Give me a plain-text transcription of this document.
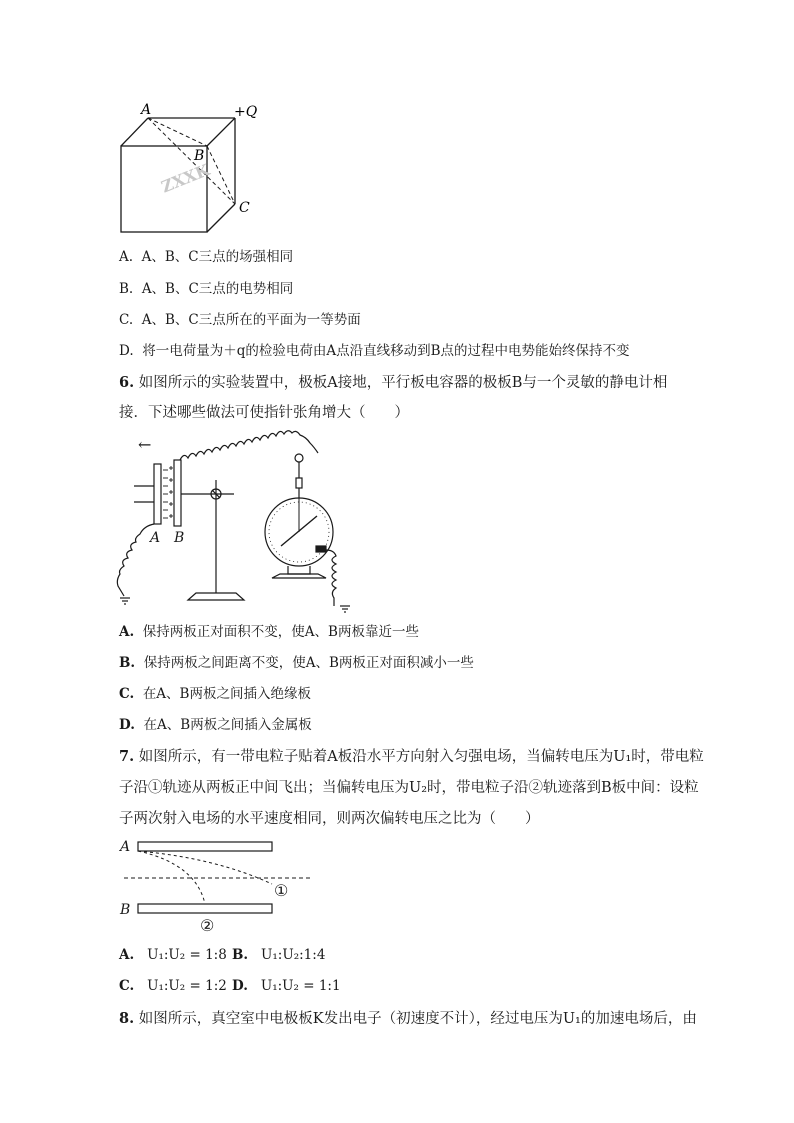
ZXXK
A	+Q
B
C
A. A、B、C三点的场强相同
B. A、B、C三点的电势相同
C. A、B、C三点所在的平面为一等势面
D. 将一电荷量为＋q的检验电荷由A点沿直线移动到B点的过程中电势能始终保持不变
6. 如图所示的实验装置中，极板A接地，平行板电容器的极板B与一个灵敏的静电计相
接．下述哪些做法可使指针张角增大（　　）
←
A B
A. 保持两板正对面积不变，使A、B两板靠近一些
B. 保持两板之间距离不变，使A、B两板正对面积减小一些
C. 在A、B两板之间插入绝缘板
D. 在A、B两板之间插入金属板
7. 如图所示，有一带电粒子贴着A板沿水平方向射入匀强电场，当偏转电压为U₁时，带电粒
子沿①轨迹从两板正中间飞出；当偏转电压为U₂时，带电粒子沿②轨迹落到B板中间：设粒
子两次射入电场的水平速度相同，则两次偏转电压之比为（　　）
A
B
①
②
A. U₁:U₂ = 1:8 B. U₁:U₂:1:4
C. U₁:U₂ = 1:2 D. U₁:U₂ = 1:1
8. 如图所示，真空室中电极板K发出电子（初速度不计），经过电压为U₁的加速电场后，由
